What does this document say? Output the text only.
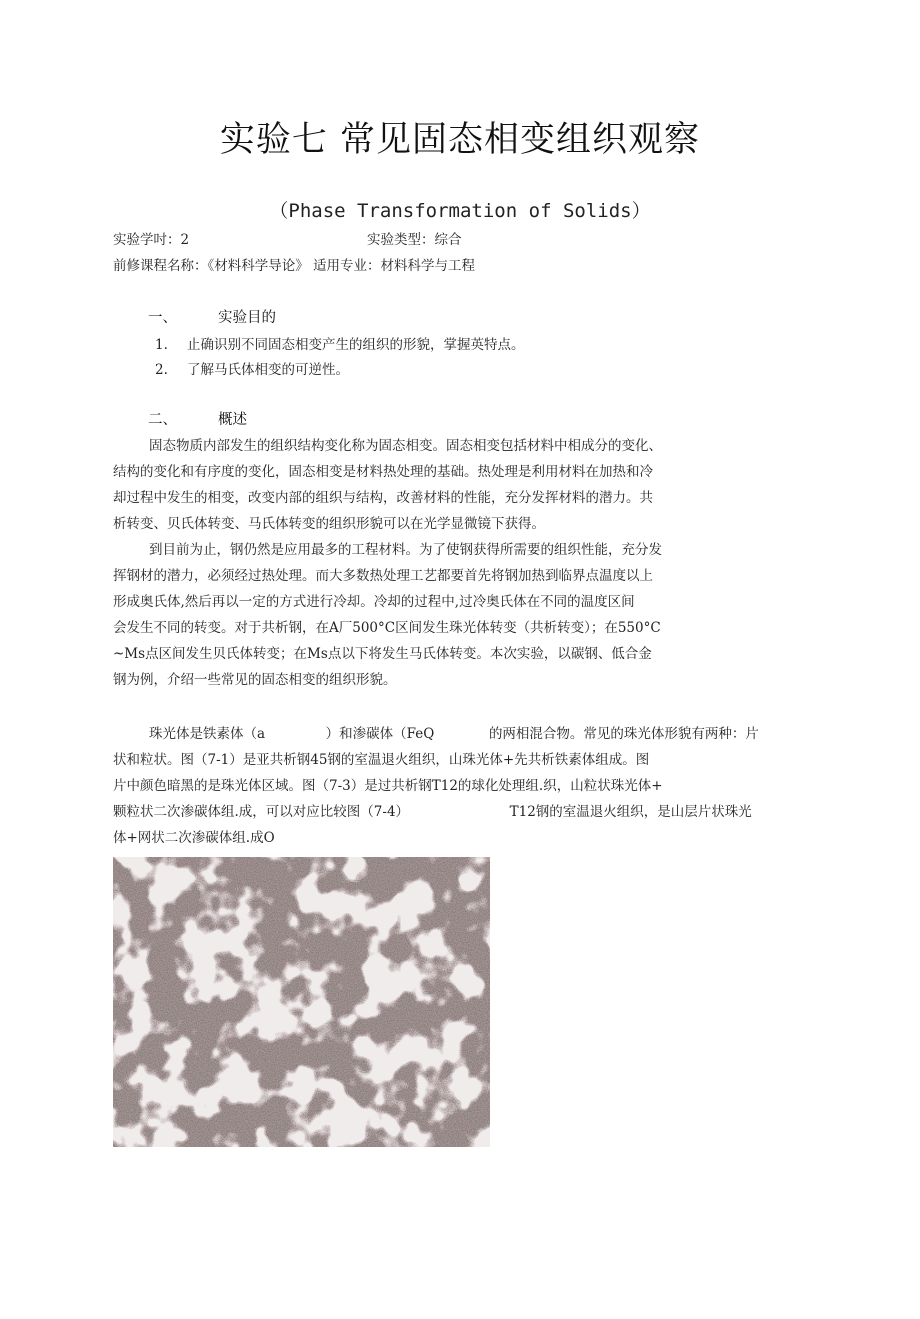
实验七 常见固态相变组织观察
（Phase Transformation of Solids）
实验学吋：2	实验类型：综合
前修课程名称：《材料科学导论》 适用专业：材料科学与工程
一、	实验目的
1. 止确识别不同固态相变产生的组织的形貌，掌握英特点。
2. 了解马氏体相变的可逆性。
二、	概述
固态物质内部发生的组织结构变化称为固态相变。固态相变包括材料中相成分的变化、
结构的变化和有序度的变化，固态相变是材料热处理的基础。热处理是利用材料在加热和冷
却过程中发生的相变，改变内部的组织与结构，改善材料的性能，充分发挥材料的潜力。共
析转变、贝氏体转变、马氏体转变的组织形貌可以在光学显微镜下获得。
到目前为止，钢仍然是应用最多的工程材料。为了使钢获得所需要的组织性能，充分发
挥钢材的潜力，必须经过热处理。而大多数热处理工艺都要首先将钢加热到临界点温度以上
形成奥氏体,然后再以一定的方式进行冷却。冷却的过程中,过冷奥氏体在不同的温度区间
会发生不同的转变。对于共析钢，在A厂500°C区间发生珠光体转变（共析转变）；在550°C
~Ms点区间发生贝氏体转变；在Ms点以下将发生马氏体转变。本次实验，以碳钢、低合金
钢为例，介绍一些常见的固态相变的组织形貌。
珠光体是铁素体（a	）和渗碳体（FeQ	的两相混合物。常见的珠光体形貌有两种：片
状和粒状。图（7-1）是亚共析钢45钢的室温退火组织，山珠光体+先共析铁素体组成。图
片中颜色暗黑的是珠光体区域。图（7-3）是过共析钢T12的球化处理组.织，山粒状珠光体+
颗粒状二次渗碳体组.成，可以对应比较图（7-4）	T12钢的室温退火组织，是山层片状珠光
体+网状二次渗碳体组.成O
